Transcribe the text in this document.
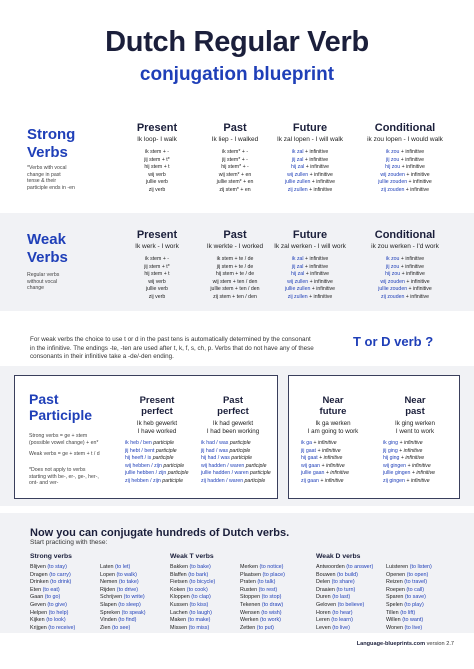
Dutch Regular Verb
conjugation blueprint
Strong
Verbs
*Verbs with vocal
change in past
tense & their
participle ends in -en
Present
Ik loop- I walk
ik stem + -
jij stem + t*
hij stem + t
wij verb
jullie verb
zij verb
Past
Ik liep - I walked
ik stem* + -
jij stem* + -
hij stem* + -
wij stem* + en
jullie stem* + en
zij stem* + en
Future
Ik zal lopen - I will walk
ik zal + infinitive
jij zal + infinitive
hij zal + infinitive
wij zullen + infinitive
jullie zullen + infinitive
zij zullen + infinitive
Conditional
ik zou lopen - I would walk
ik zou + infinitive
jij zou + infinitive
hij zou + infinitive
wij zouden + infinitive
jullie zouden + infinitive
zij zouden + infinitive
Weak
Verbs
Regular verbs
without vocal
change
Present
Ik werk - I work
ik stem + -
jij stem + t*
hij stem + t
wij verb
jullie verb
zij verb
Past
Ik werkte - I worked
ik stem + te / de
jij stem + te / de
hij stem + te / de
wij stem + ten / den
jullie stem + ten / den
zij stem + ten / den
Future
Ik zal werken - I will work
ik zal + infinitive
jij zal + infinitive
hij zal + infinitive
wij zullen + infinitive
jullie zullen + infinitive
zij zullen + infinitive
Conditional
ik zou werken - I'd work
ik zou + infinitive
jij zou + infinitive
hij zou + infinitive
wij zouden + infinitive
jullie zouden + infinitive
zij zouden + infinitive
For weak verbs the choice to use t or d in the past tens is automatically determined by the consonant
in the infinitive. The endings -te, -ten are used after t, k, f, s, ch, p. Verbs that do not have any of these
consonants in their infinitive take a -de/-den ending.
T or D verb ?
Past
Participle
Strong verbs = ge + stem
(possible vowel change) + en*
Weak verbs = ge + stem + t / d
*Does not apply to verbs
starting with be-, er-, ge-, her-,
ont- and ver-
Present
perfect
Ik heb gewerkt
I have worked
ik heb / ben participle
jij hebt / bent participle
hij heeft / is participle
wij hebben / zijn participle
jullie hebben / zijn participle
zij hebben / zijn participle
Past
perfect
Ik had gewerkt
I had been working
ik had / was participle
jij had / was participle
hij had / was participle
wij hadden / waren participle
jullie hadden / waren participle
zij hadden / waren participle
Near
future
Ik ga werken
I am going to work
ik ga + infinitive
jij gaat + infinitive
hij gaat + infinitive
wij gaan + infinitive
jullie gaan + infinitive
zij gaan + infinitive
Near
past
Ik ging werken
I went to work
ik ging + infinitive
jij ging + infinitive
hij ging + infinitive
wij gingen + infinitive
jullie gingen + infinitive
zij gingen + infinitive
Now you can conjugate hundreds of Dutch verbs.
Start practicing with these:
Strong verbs
Blijven (to stay)
Dragen (to carry)
Drinken (to drink)
Eten (to eat)
Gaan (to go)
Geven (to give)
Helpen (to help)
Kijken (to look)
Krijgen (to receive)
Laten (to let)
Lopen (to walk)
Nemen (to take)
Rijden (to drive)
Schrijven (to write)
Slapen (to sleep)
Spreken (to speak)
Vinden (to find)
Zien (to see)
Weak T verbs
Bakken (to bake)
Blaffen (to bark)
Fietsen (to bicycle)
Koken (to cook)
Kloppen (to clap)
Kussen (to kiss)
Lachen (to laugh)
Maken (to make)
Missen (to miss)
Merken (to notice)
Plaatsen (to place)
Praten (to talk)
Rusten (to rest)
Stoppen (to stop)
Tekenen (to draw)
Wensen (to wish)
Werken (to work)
Zetten (to put)
Weak D verbs
Antwoorden (to answer)
Bouwen (to build)
Delen (to share)
Draaien (to turn)
Duren (to last)
Geloven (to believe)
Horen (to hear)
Leren (to learn)
Leven (to live)
Luisteren (to listen)
Openen (to open)
Reizen (to travel)
Roepen (to call)
Sparen (to save)
Spelen (to play)
Tillen (to lift)
Willen (to want)
Wonen (to live)
Language-blueprints.com version 2.7
